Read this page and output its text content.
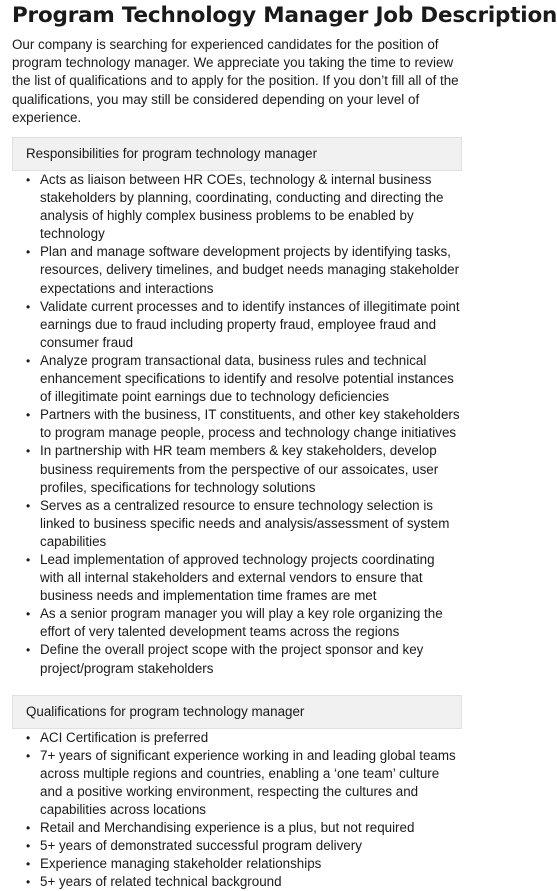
Program Technology Manager Job Description

Our company is searching for experienced candidates for the position of program technology manager. We appreciate you taking the time to review the list of qualifications and to apply for the position. If you don’t fill all of the qualifications, you may still be considered depending on your level of experience.

Responsibilities for program technology manager
• Acts as liaison between HR COEs, technology & internal business stakeholders by planning, coordinating, conducting and directing the analysis of highly complex business problems to be enabled by technology
• Plan and manage software development projects by identifying tasks, resources, delivery timelines, and budget needs managing stakeholder expectations and interactions
• Validate current processes and to identify instances of illegitimate point earnings due to fraud including property fraud, employee fraud and consumer fraud
• Analyze program transactional data, business rules and technical enhancement specifications to identify and resolve potential instances of illegitimate point earnings due to technology deficiencies
• Partners with the business, IT constituents, and other key stakeholders to program manage people, process and technology change initiatives
• In partnership with HR team members & key stakeholders, develop business requirements from the perspective of our assoicates, user profiles, specifications for technology solutions
• Serves as a centralized resource to ensure technology selection is linked to business specific needs and analysis/assessment of system capabilities
• Lead implementation of approved technology projects coordinating with all internal stakeholders and external vendors to ensure that business needs and implementation time frames are met
• As a senior program manager you will play a key role organizing the effort of very talented development teams across the regions
• Define the overall project scope with the project sponsor and key project/program stakeholders
Qualifications for program technology manager
• ACI Certification is preferred
• 7+ years of significant experience working in and leading global teams across multiple regions and countries, enabling a ‘one team’ culture and a positive working environment, respecting the cultures and capabilities across locations
• Retail and Merchandising experience is a plus, but not required
• 5+ years of demonstrated successful program delivery
• Experience managing stakeholder relationships
• 5+ years of related technical background
